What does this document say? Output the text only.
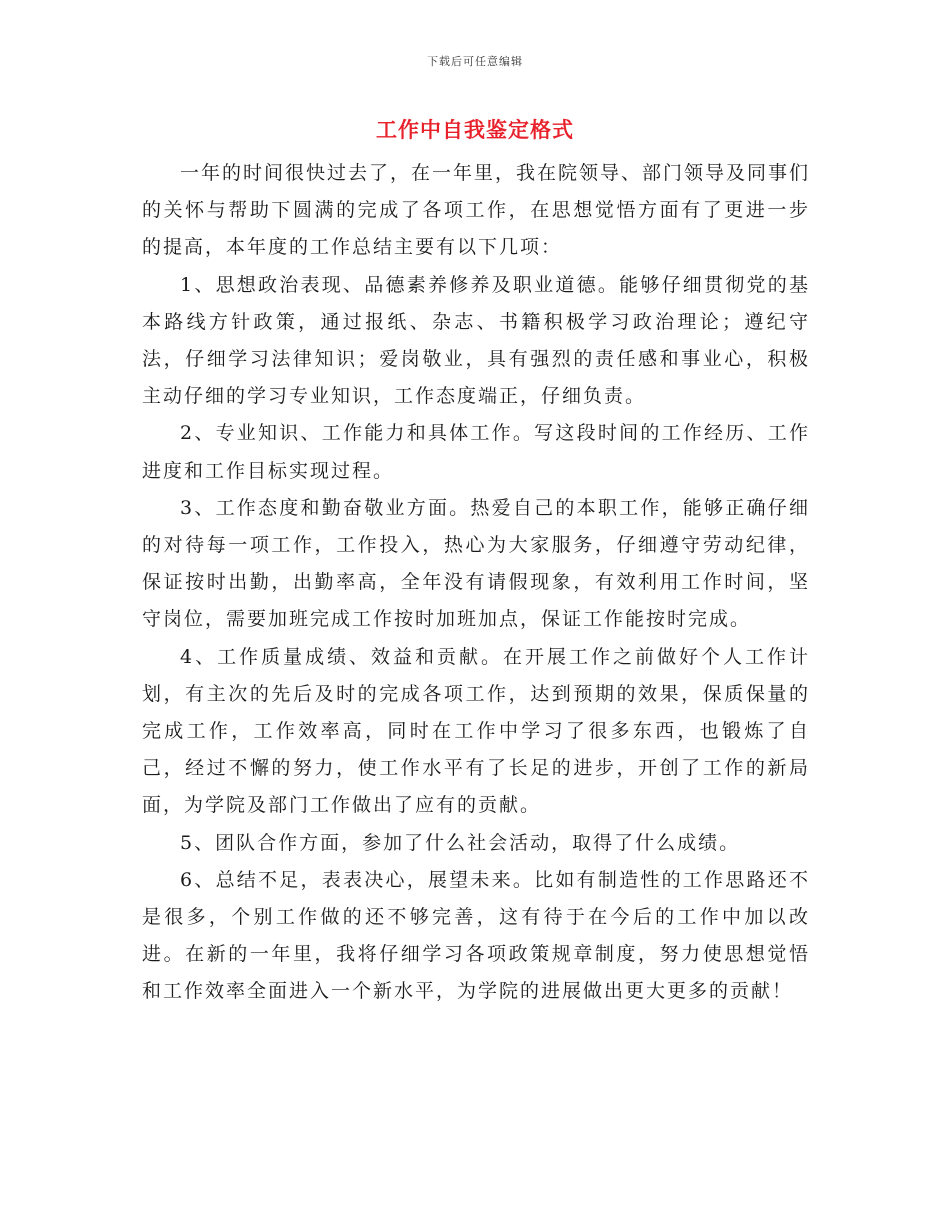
下载后可任意编辑
工作中自我鉴定格式

一年的时间很快过去了，在一年里，我在院领导、部门领导及同事们的关怀与帮助下圆满的完成了各项工作，在思想觉悟方面有了更进一步的提高，本年度的工作总结主要有以下几项：

1、思想政治表现、品德素养修养及职业道德。能够仔细贯彻党的基本路线方针政策，通过报纸、杂志、书籍积极学习政治理论；遵纪守法，仔细学习法律知识；爱岗敬业，具有强烈的责任感和事业心，积极主动仔细的学习专业知识，工作态度端正，仔细负责。

2、专业知识、工作能力和具体工作。写这段时间的工作经历、工作进度和工作目标实现过程。

3、工作态度和勤奋敬业方面。热爱自己的本职工作，能够正确仔细的对待每一项工作，工作投入，热心为大家服务，仔细遵守劳动纪律，保证按时出勤，出勤率高，全年没有请假现象，有效利用工作时间，坚守岗位，需要加班完成工作按时加班加点，保证工作能按时完成。

4、工作质量成绩、效益和贡献。在开展工作之前做好个人工作计划，有主次的先后及时的完成各项工作，达到预期的效果，保质保量的完成工作，工作效率高，同时在工作中学习了很多东西，也锻炼了自己，经过不懈的努力，使工作水平有了长足的进步，开创了工作的新局面，为学院及部门工作做出了应有的贡献。

5、团队合作方面，参加了什么社会活动，取得了什么成绩。

6、总结不足，表表决心，展望未来。比如有制造性的工作思路还不是很多，个别工作做的还不够完善，这有待于在今后的工作中加以改进。在新的一年里，我将仔细学习各项政策规章制度，努力使思想觉悟和工作效率全面进入一个新水平，为学院的进展做出更大更多的贡献！
